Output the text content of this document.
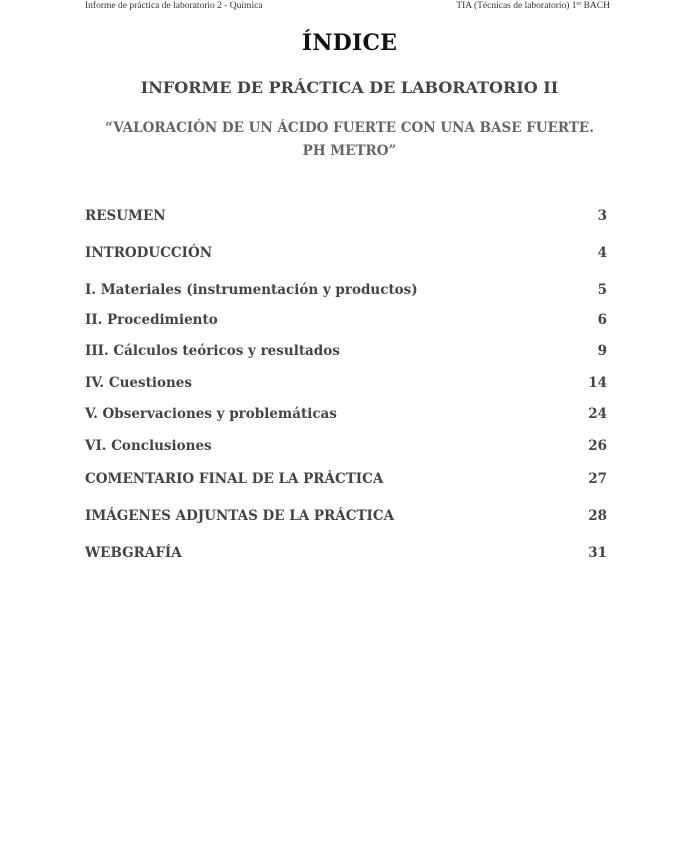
Informe de práctica de laboratorio 2 - Química	TIA (Técnicas de laboratorio) 1er BACH
ÍNDICE
INFORME DE PRÁCTICA DE LABORATORIO II
“VALORACIÓN DE UN ÁCIDO FUERTE CON UNA BASE FUERTE.
PH METRO”
RESUMEN	3
INTRODUCCIÓN	4
I. Materiales (instrumentación y productos)	5
II. Procedimiento	6
III. Cálculos teóricos y resultados	9
IV. Cuestiones	14
V. Observaciones y problemáticas	24
VI. Conclusiones	26
COMENTARIO FINAL DE LA PRÁCTICA	27
IMÁGENES ADJUNTAS DE LA PRÁCTICA	28
WEBGRAFÍA	31
